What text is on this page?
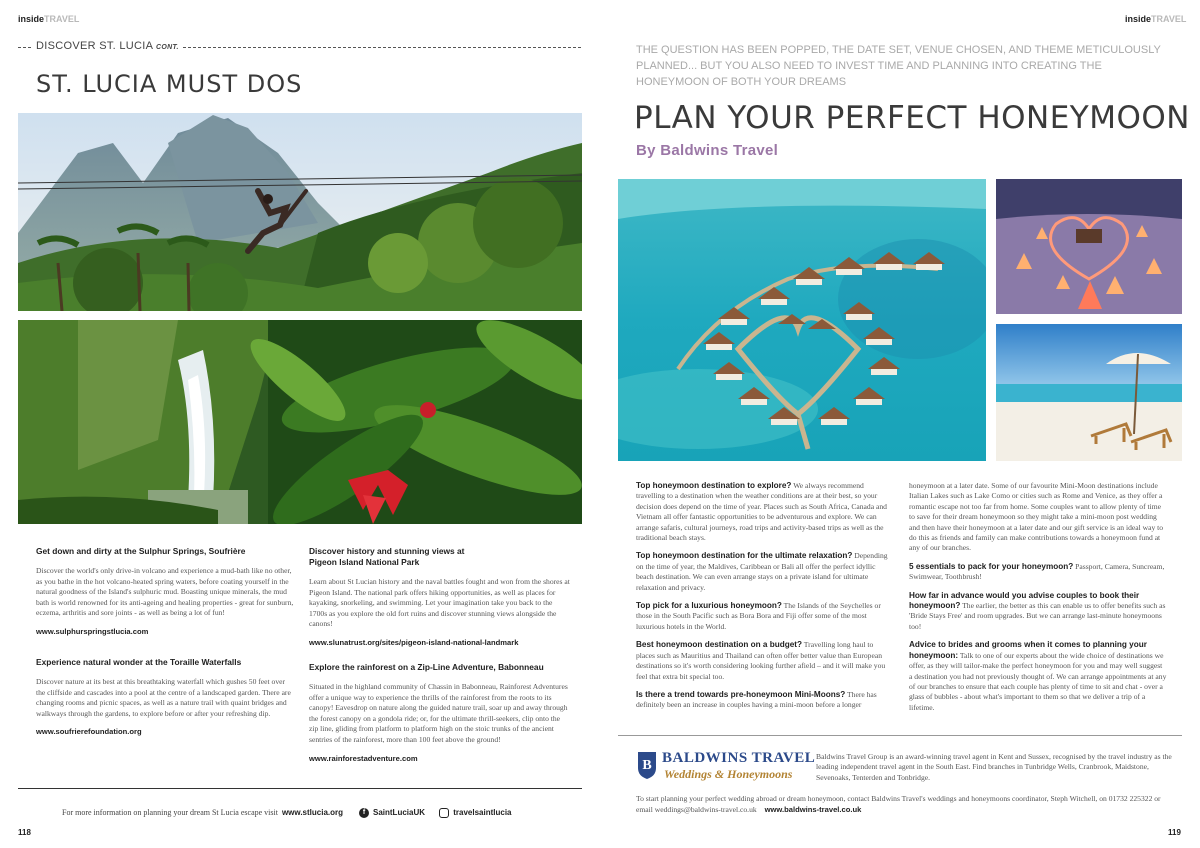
insideTRAVEL
DISCOVER ST. LUCIA CONT.
ST. LUCIA MUST DOS
Get down and dirty at the Sulphur Springs, Soufrière
Discover the world's only drive-in volcano and experience a mud-bath like no other, as you bathe in the hot volcano-heated spring waters, before coating yourself in the natural goodness of the Island's sulphuric mud. Boasting unique minerals, the mud bath is world renowned for its anti-ageing and healing properties - great for sunburn, eczema, arthritis and sore joints - as well as being a lot of fun!
www.sulphurspringstlucia.com
Experience natural wonder at the Toraille Waterfalls
Discover nature at its best at this breathtaking waterfall which gushes 50 feet over the cliffside and cascades into a pool at the centre of a landscaped garden. There are changing rooms and picnic spaces, as well as a nature trail with quaint bridges and walkways through the gardens, to explore before or after your refreshing dip.
www.soufrierefoundation.org
Discover history and stunning views at Pigeon Island National Park
Learn about St Lucian history and the naval battles fought and won from the shores at Pigeon Island. The national park offers hiking opportunities, as well as places for kayaking, snorkeling, and swimming. Let your imagination take you back to the 1700s as you explore the old fort ruins and discover stunning views alongside the canons!
www.slunatrust.org/sites/pigeon-island-national-landmark
Explore the rainforest on a Zip-Line Adventure, Babonneau
Situated in the highland community of Chassin in Babonneau, Rainforest Adventures offer a unique way to experience the thrills of the rainforest from the roots to its canopy! Eavesdrop on nature along the guided nature trail, soar up and away through the forest canopy on a gondola ride; or, for the ultimate thrill-seekers, clip onto the zip line, gliding from platform to platform high on the stoic trunks of the ancient sentries of the rainforest, more than 100 feet above the ground!
www.rainforestadventure.com
For more information on planning your dream St Lucia escape visit www.stlucia.org	f SaintLuciaUK	travelsaintlucia
118
insideTRAVEL
THE QUESTION HAS BEEN POPPED, THE DATE SET, VENUE CHOSEN, AND THEME METICULOUSLY PLANNED... BUT YOU ALSO NEED TO INVEST TIME AND PLANNING INTO CREATING THE HONEYMOON OF BOTH YOUR DREAMS
PLAN YOUR PERFECT HONEYMOON
By Baldwins Travel
Top honeymoon destination to explore? We always recommend travelling to a destination when the weather conditions are at their best, so your decision does depend on the time of year. Places such as South Africa, Canada and Vietnam all offer fantastic opportunities to be adventurous and explore. We can arrange safaris, cultural journeys, road trips and activity-based trips as well as the traditional beach stays.
Top honeymoon destination for the ultimate relaxation? Depending on the time of year, the Maldives, Caribbean or Bali all offer the perfect idyllic beach destination. We can even arrange stays on a private island for ultimate relaxation and privacy.
Top pick for a luxurious honeymoon? The Islands of the Seychelles or those in the South Pacific such as Bora Bora and Fiji offer some of the most luxurious hotels in the World.
Best honeymoon destination on a budget? Travelling long haul to places such as Mauritius and Thailand can often offer better value than European destinations so it's worth considering looking further afield – and it will make you feel that extra bit special too.
Is there a trend towards pre-honeymoon Mini-Moons? There has definitely been an increase in couples having a mini-moon before a longer
honeymoon at a later date. Some of our favourite Mini-Moon destinations include Italian Lakes such as Lake Como or cities such as Rome and Venice, as they offer a romantic escape not too far from home. Some couples want to allow plenty of time to save for their dream honeymoon so they might take a mini-moon post wedding and then have their honeymoon at a later date and our gift service is an ideal way to do this as friends and family can make contributions towards a honeymoon fund at any of our branches.
5 essentials to pack for your honeymoon? Passport, Camera, Suncream, Swimwear, Toothbrush!
How far in advance would you advise couples to book their honeymoon? The earlier, the better as this can enable us to offer benefits such as 'Bride Stays Free' and room upgrades. But we can arrange last-minute honeymoons too!
Advice to brides and grooms when it comes to planning your honeymoon: Talk to one of our experts about the wide choice of destinations we offer, as they will tailor-make the perfect honeymoon for you and may well suggest a destination you had not previously thought of. We can arrange appointments at any of our branches to ensure that each couple has plenty of time to sit and chat - over a glass of bubbles - about what's important to them so that we deliver a trip of a lifetime.
B BALDWINS TRAVEL
Weddings & Honeymoons
Baldwins Travel Group is an award-winning travel agent in Kent and Sussex, recognised by the travel industry as the leading independent travel agent in the South East. Find branches in Tunbridge Wells, Cranbrook, Maidstone, Sevenoaks, Tenterden and Tonbridge.
To start planning your perfect wedding abroad or dream honeymoon, contact Baldwins Travel's weddings and honeymoons coordinator, Steph Witchell, on 01732 225322 or email weddings@baldwins-travel.co.uk www.baldwins-travel.co.uk
119
